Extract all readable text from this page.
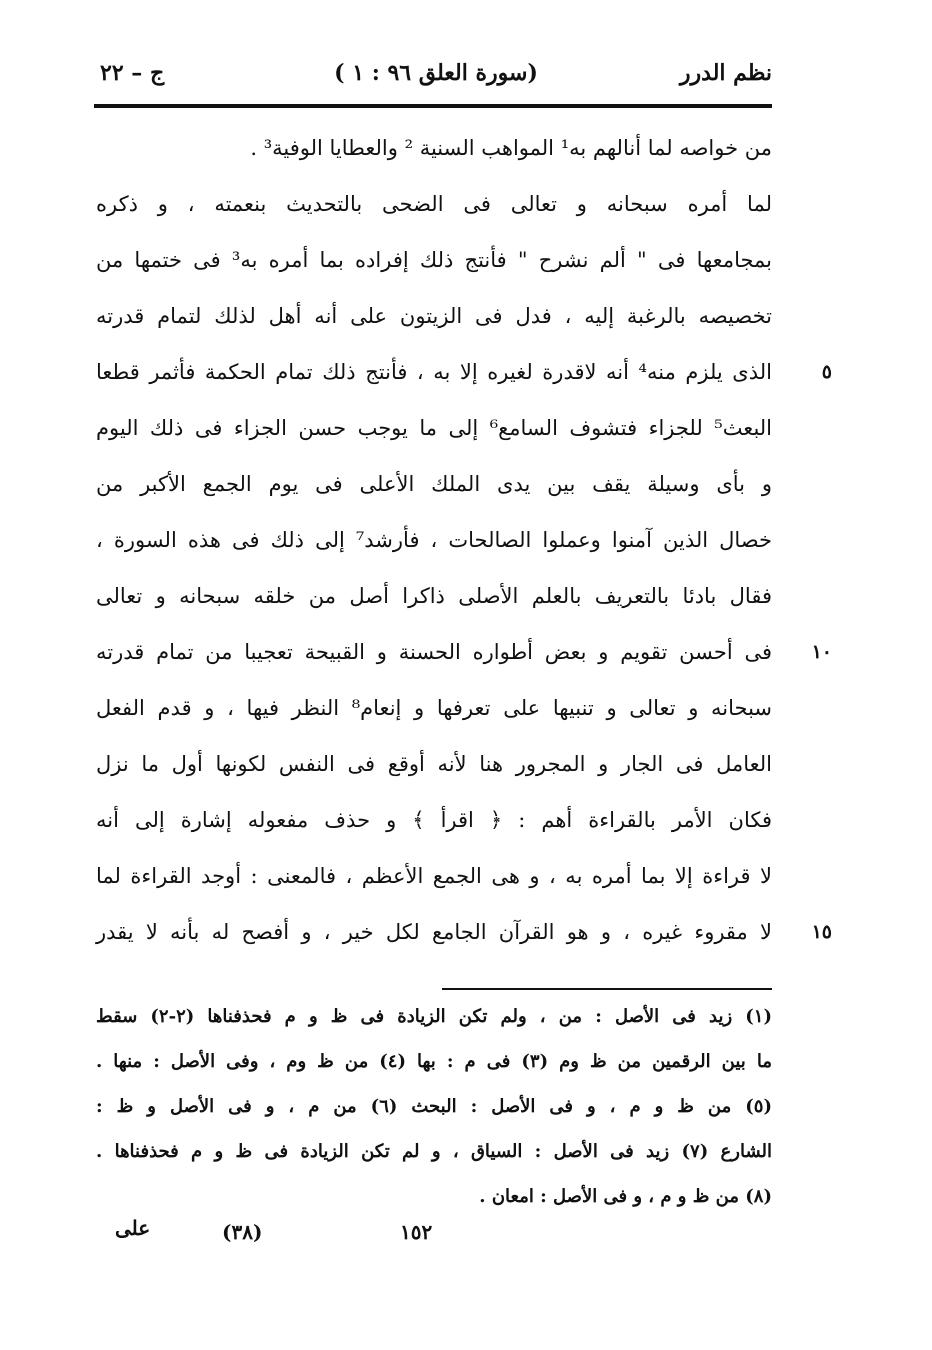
نظم الدرر
(سورة العلق ٩٦ : ١ )
ج – ٢٢
من خواصه لما أنالهم به¹ المواهب السنية ² والعطايا الوفية³ .
لما أمره سبحانه و تعالى فى الضحى بالتحديث بنعمته ، و ذكره
بمجامعها فى " ألم نشرح " فأنتج ذلك إفراده بما أمره به³ فى ختمها من
تخصيصه بالرغبة إليه ، فدل فى الزيتون على أنه أهل لذلك لتمام قدرته
٥
الذى يلزم منه⁴ أنه لاقدرة لغيره إلا به ، فأنتج ذلك تمام الحكمة فأثمر قطعا
البعث⁵ للجزاء فتشوف السامع⁶ إلى ما يوجب حسن الجزاء فى ذلك اليوم
و بأى وسيلة يقف بين يدى الملك الأعلى فى يوم الجمع الأكبر من
خصال الذين آمنوا وعملوا الصالحات ، فأرشد⁷ إلى ذلك فى هذه السورة ،
فقال بادئا بالتعريف بالعلم الأصلى ذاكرا أصل من خلقه سبحانه و تعالى
١٠
فى أحسن تقويم و بعض أطواره الحسنة و القبيحة تعجيبا من تمام قدرته
سبحانه و تعالى و تنبيها على تعرفها و إنعام⁸ النظر فيها ، و قدم الفعل
العامل فى الجار و المجرور هنا لأنه أوقع فى النفس لكونها أول ما نزل
فكان الأمر بالقراءة أهم : ﴿ اقرأ ﴾ و حذف مفعوله إشارة إلى أنه
لا قراءة إلا بما أمره به ، و هى الجمع الأعظم ، فالمعنى : أوجد القراءة لما
١٥
لا مقروء غيره ، و هو القرآن الجامع لكل خير ، و أفصح له بأنه لا يقدر
(١) زيد فى الأصل : من ، ولم تكن الزيادة فى ظ و م فحذفناها (٢-٢) سقط
ما بين الرقمين من ظ وم (٣) فى م : بها (٤) من ظ وم ، وفى الأصل : منها .
(٥) من ظ و م ، و فى الأصل : البحث (٦) من م ، و فى الأصل و ظ :
الشارع (٧) زيد فى الأصل : السياق ، و لم تكن الزيادة فى ظ و م فحذفناها .
(٨) من ظ و م ، و فى الأصل : امعان .
١٥٢
(٣٨)
على
